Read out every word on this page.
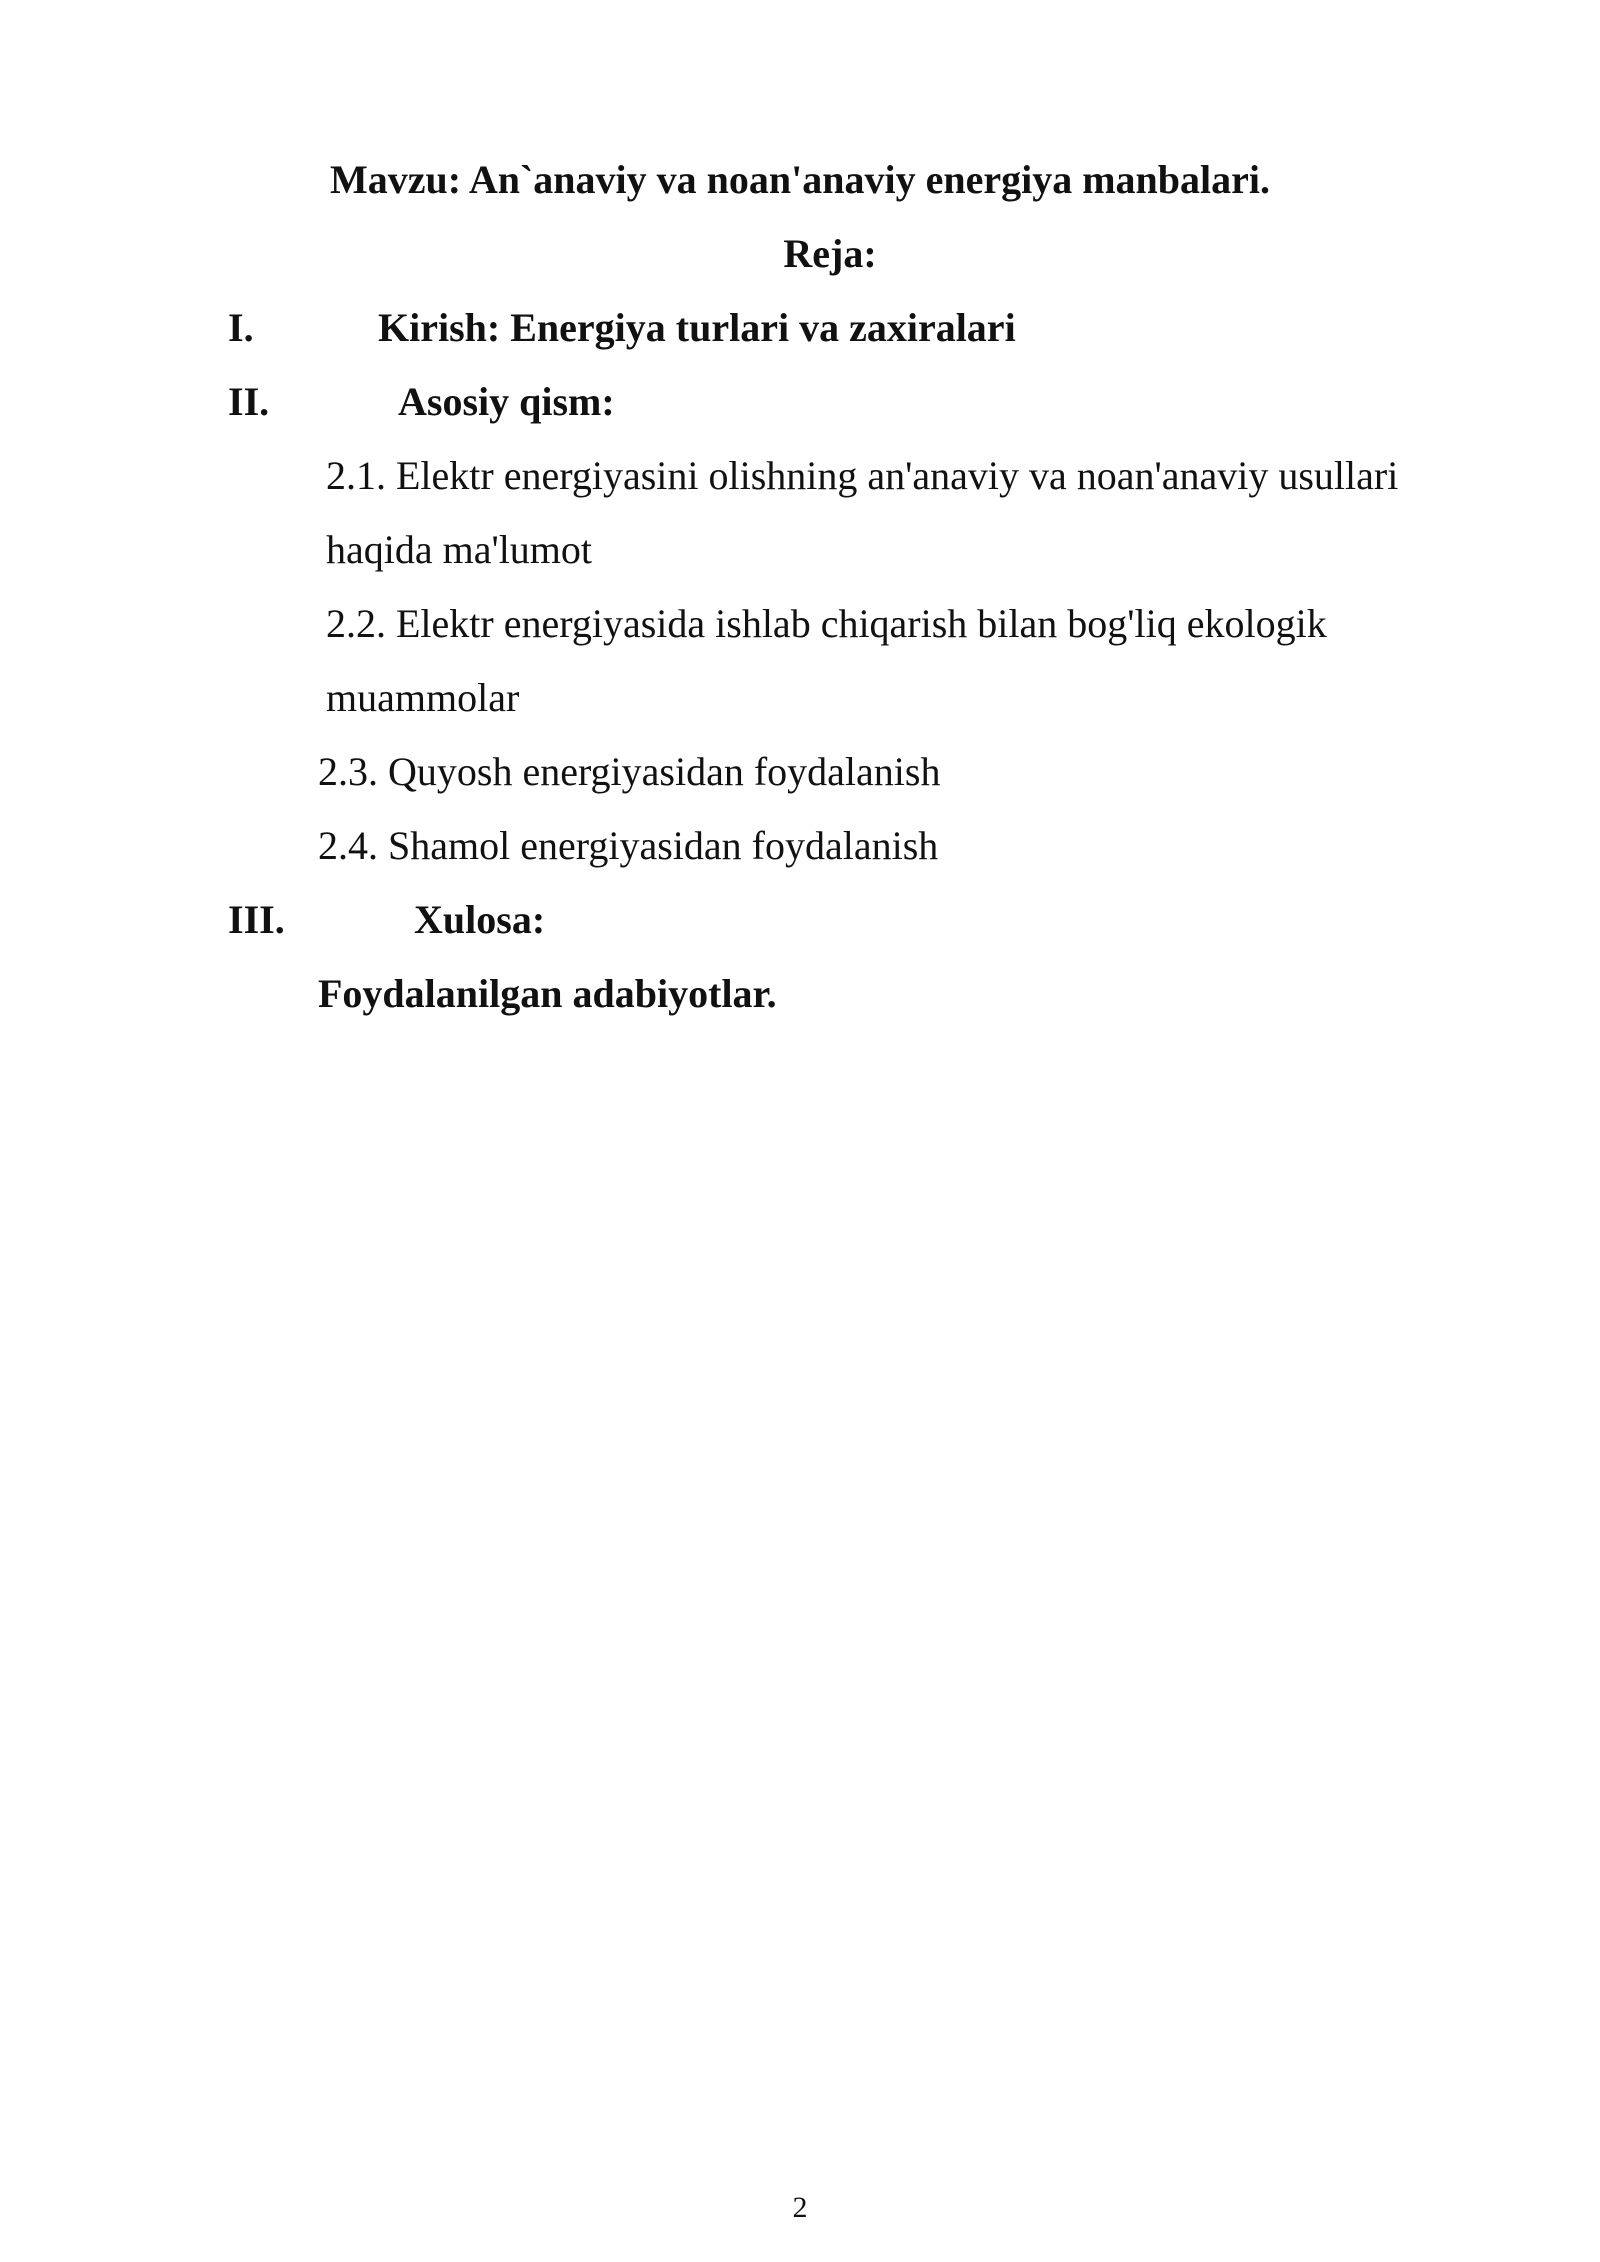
Mavzu: An`anaviy va noan'anaviy energiya manbalari.
Reja:
I.	Kirish: Energiya turlari va zaxiralari
II.	Asosiy qism:
2.1. Elektr energiyasini olishning an'anaviy va noan'anaviy usullari
haqida ma'lumot
2.2. Elektr energiyasida ishlab chiqarish bilan bog'liq ekologik
muammolar
2.3. Quyosh energiyasidan foydalanish
2.4. Shamol energiyasidan foydalanish
III.	Xulosa:
Foydalanilgan adabiyotlar.
2
